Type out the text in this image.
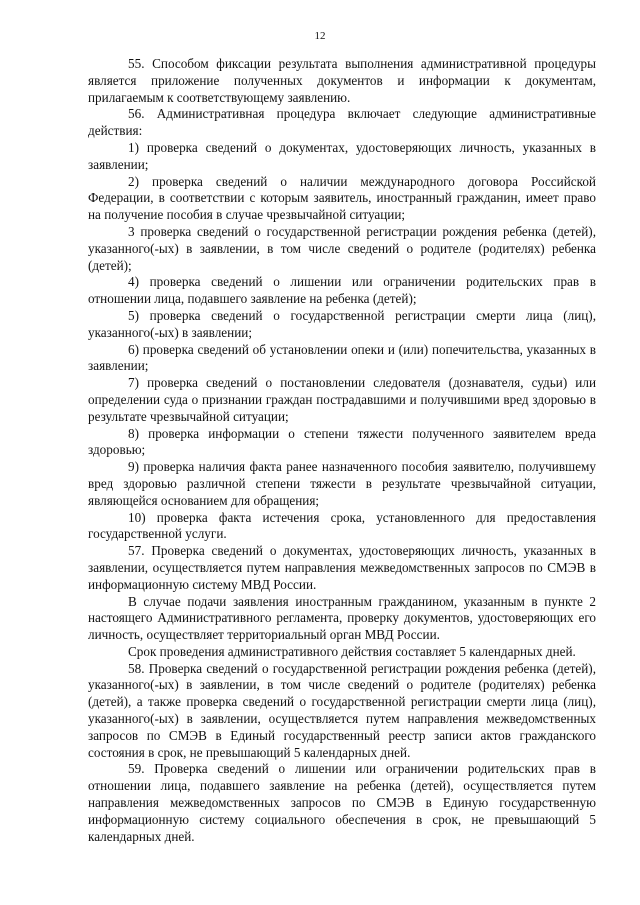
12

55. Способом фиксации результата выполнения административной процедуры является приложение полученных документов и информации к документам, прилагаемым к соответствующему заявлению.

56. Административная процедура включает следующие административные действия:

1) проверка сведений о документах, удостоверяющих личность, указанных в заявлении;

2) проверка сведений о наличии международного договора Российской Федерации, в соответствии с которым заявитель, иностранный гражданин, имеет право на получение пособия в случае чрезвычайной ситуации;

3 проверка сведений о государственной регистрации рождения ребенка (детей), указанного(-ых) в заявлении, в том числе сведений о родителе (родителях) ребенка (детей);

4) проверка сведений о лишении или ограничении родительских прав в отношении лица, подавшего заявление на ребенка (детей);

5) проверка сведений о государственной регистрации смерти лица (лиц), указанного(-ых) в заявлении;

6) проверка сведений об установлении опеки и (или) попечительства, указанных в заявлении;

7) проверка сведений о постановлении следователя (дознавателя, судьи) или определении суда о признании граждан пострадавшими и получившими вред здоровью в результате чрезвычайной ситуации;

8) проверка информации о степени тяжести полученного заявителем вреда здоровью;

9) проверка наличия факта ранее назначенного пособия заявителю, получившему вред здоровью различной степени тяжести в результате чрезвычайной ситуации, являющейся основанием для обращения;

10) проверка факта истечения срока, установленного для предоставления государственной услуги.

57. Проверка сведений о документах, удостоверяющих личность, указанных в заявлении, осуществляется путем направления межведомственных запросов по СМЭВ в информационную систему МВД России.

В случае подачи заявления иностранным гражданином, указанным в пункте 2 настоящего Административного регламента, проверку документов, удостоверяющих его личность, осуществляет территориальный орган МВД России.

Срок проведения административного действия составляет 5 календарных дней.

58. Проверка сведений о государственной регистрации рождения ребенка (детей), указанного(-ых) в заявлении, в том числе сведений о родителе (родителях) ребенка (детей), а также проверка сведений о государственной регистрации смерти лица (лиц), указанного(-ых) в заявлении, осуществляется путем направления межведомственных запросов по СМЭВ в Единый государственный реестр записи актов гражданского состояния в срок, не превышающий 5 календарных дней.

59. Проверка сведений о лишении или ограничении родительских прав в отношении лица, подавшего заявление на ребенка (детей), осуществляется путем направления межведомственных запросов по СМЭВ в Единую государственную информационную систему социального обеспечения в срок, не превышающий 5 календарных дней.
